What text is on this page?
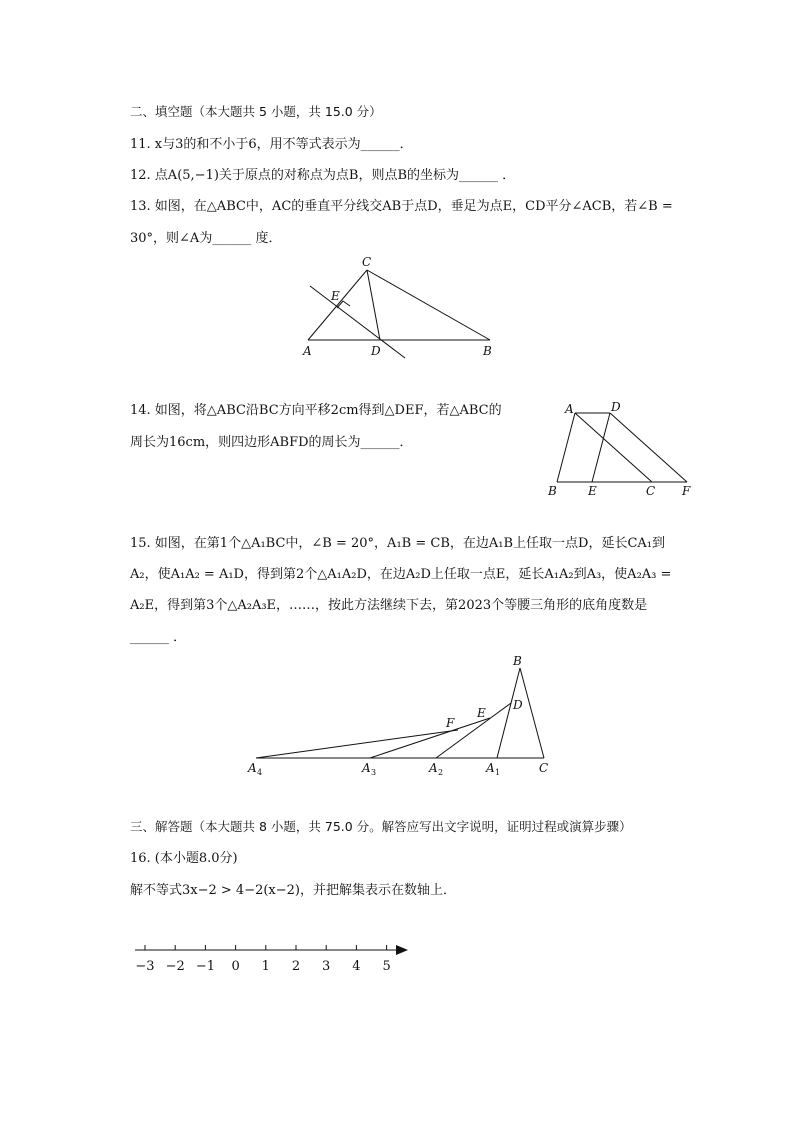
二、填空题（本大题共 5 小题，共 15.0 分）
11. x与3的和不小于6，用不等式表示为______．
12. 点A(5,−1)关于原点的对称点为点B，则点B的坐标为______ ．
13. 如图，在△ABC中，AC的垂直平分线交AB于点D，垂足为点E，CD平分∠ACB，若∠B =
30°，则∠A为______ 度．
A	B
C
D
E
14. 如图，将△ABC沿BC方向平移2cm得到△DEF，若△ABC的
周长为16cm，则四边形ABFD的周长为______．
A	D
B	E	C F
15. 如图，在第1个△A₁BC中，∠B = 20°，A₁B = CB，在边A₁B上任取一点D，延长CA₁到
A₂，使A₁A₂ = A₁D，得到第2个△A₁A₂D，在边A₂D上任取一点E，延长A₁A₂到A₃，使A₂A₃ =
A₂E，得到第3个△A₂A₃E，……，按此方法继续下去，第2023个等腰三角形的底角度数是
______ ．
B
C
D
E
F
A 1
A 2
A 3
A 4
三、解答题（本大题共 8 小题，共 75.0 分。解答应写出文字说明，证明过程或演算步骤）
16. (本小题8.0分)
解不等式3x−2 > 4−2(x−2)，并把解集表示在数轴上．
−3 −2 −1 0 1 2 3 4 5
